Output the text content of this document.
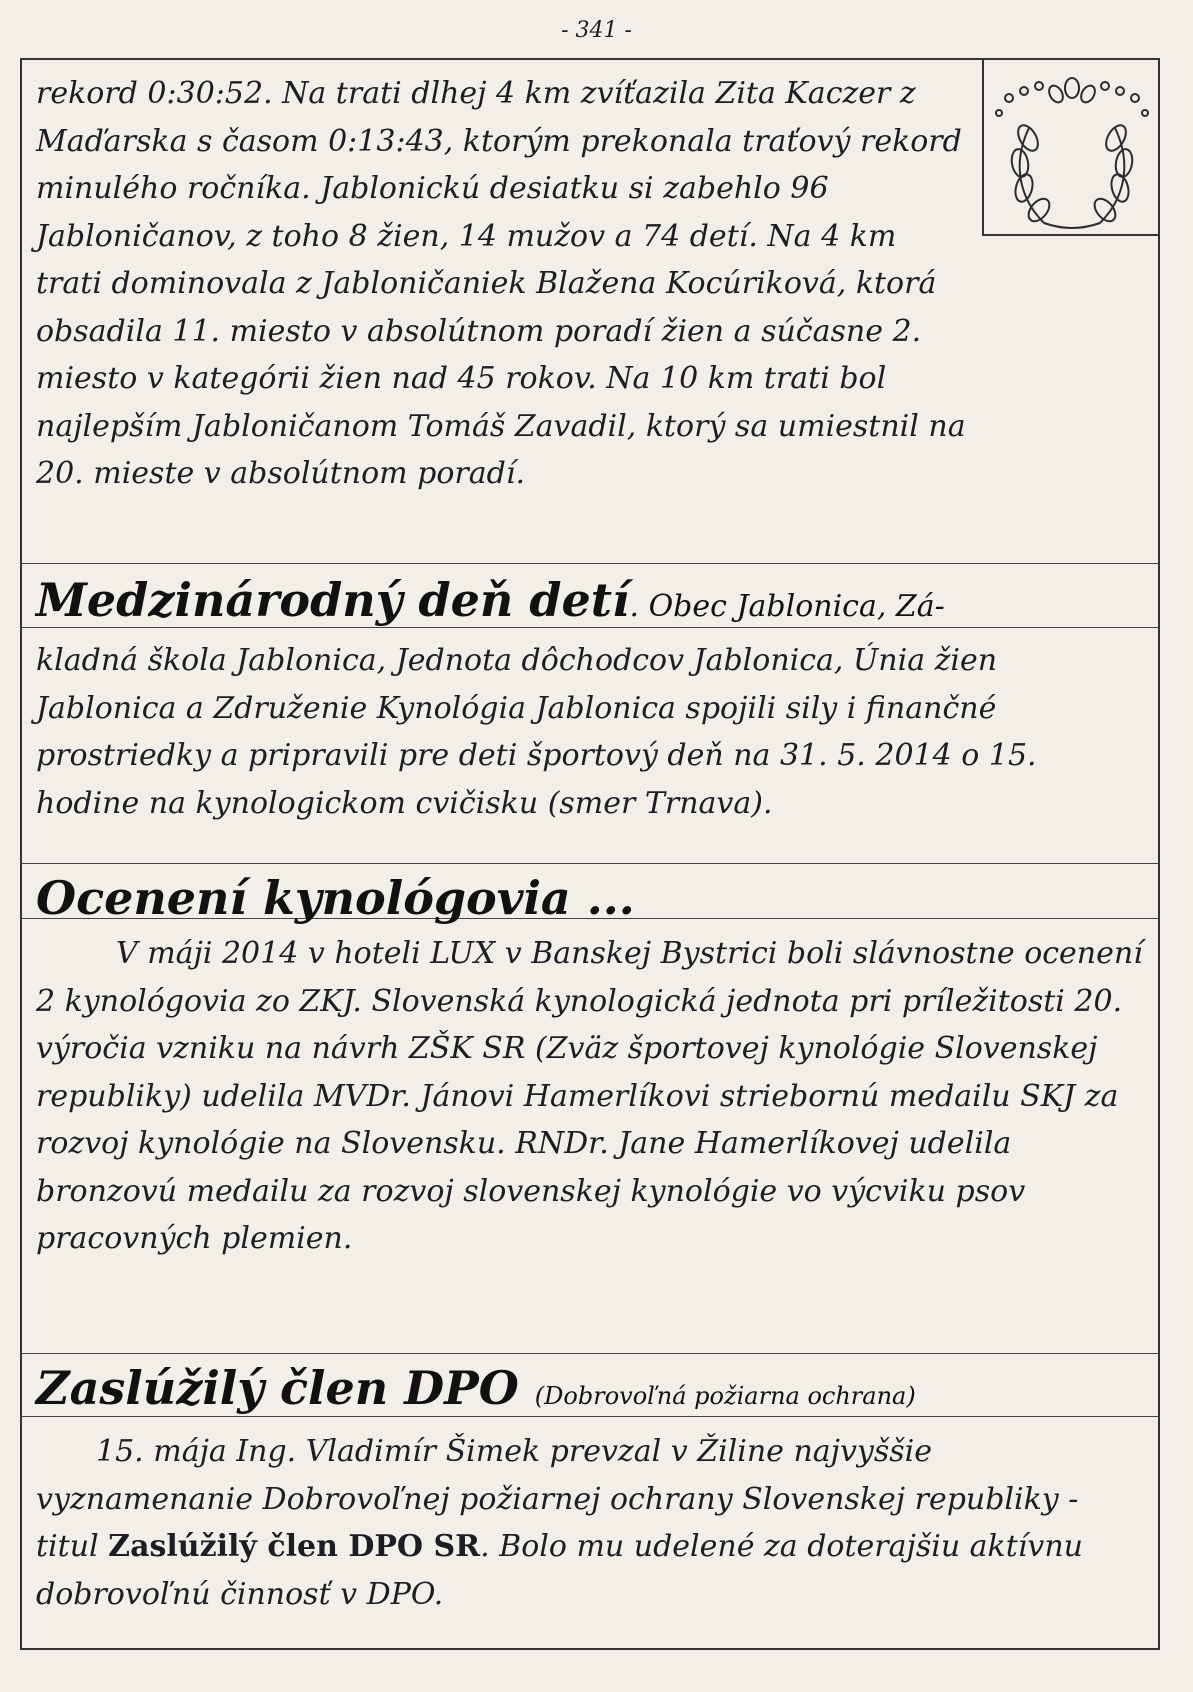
- 341 -

rekord 0:30:52. Na trati dlhej 4 km zvíťazila Zita Kaczer z Maďarska s časom 0:13:43, ktorým prekonala traťový rekord minulého ročníka. Jablonickú desiatku si zabehlo 96 Jabloničanov, z toho 8 žien, 14 mužov a 74 detí. Na 4 km trati dominovala z Jabloničaniek Blažena Kocúriková, ktorá obsadila 11. miesto v absolútnom poradí žien a súčasne 2. miesto v kategórii žien nad 45 rokov. Na 10 km trati bol najlepším Jabloničanom Tomáš Zavadil, ktorý sa umiestnil na 20. mieste v absolútnom poradí.

Medzinárodný deň detí. Obec Jablonica, Zá-

kladná škola Jablonica, Jednota dôchodcov Jablonica, Únia žien Jablonica a Združenie Kynológia Jablonica spojili sily i finančné prostriedky a pripravili pre deti športový deň na 31. 5. 2014 o 15. hodine na kynologickom cvičisku (smer Trnava).

Ocenení kynológovia ...

V máji 2014 v hoteli LUX v Banskej Bystrici boli slávnostne ocenení 2 kynológovia zo ZKJ. Slovenská kynologická jednota pri príležitosti 20. výročia vzniku na návrh ZŠK SR (Zväz športovej kynológie Slovenskej republiky) udelila MVDr. Jánovi Hamerlíkovi striebornú medailu SKJ za rozvoj kynológie na Slovensku. RNDr. Jane Hamerlíkovej udelila bronzovú medailu za rozvoj slovenskej kynológie vo výcviku psov pracovných plemien.

Zaslúžilý člen DPO (Dobrovoľná požiarna ochrana)

15. mája Ing. Vladimír Šimek prevzal v Žiline najvyššie vyznamenanie Dobrovoľnej požiarnej ochrany Slovenskej republiky - titul Zaslúžilý člen DPO SR. Bolo mu udelené za doterajšiu aktívnu dobrovoľnú činnosť v DPO.
